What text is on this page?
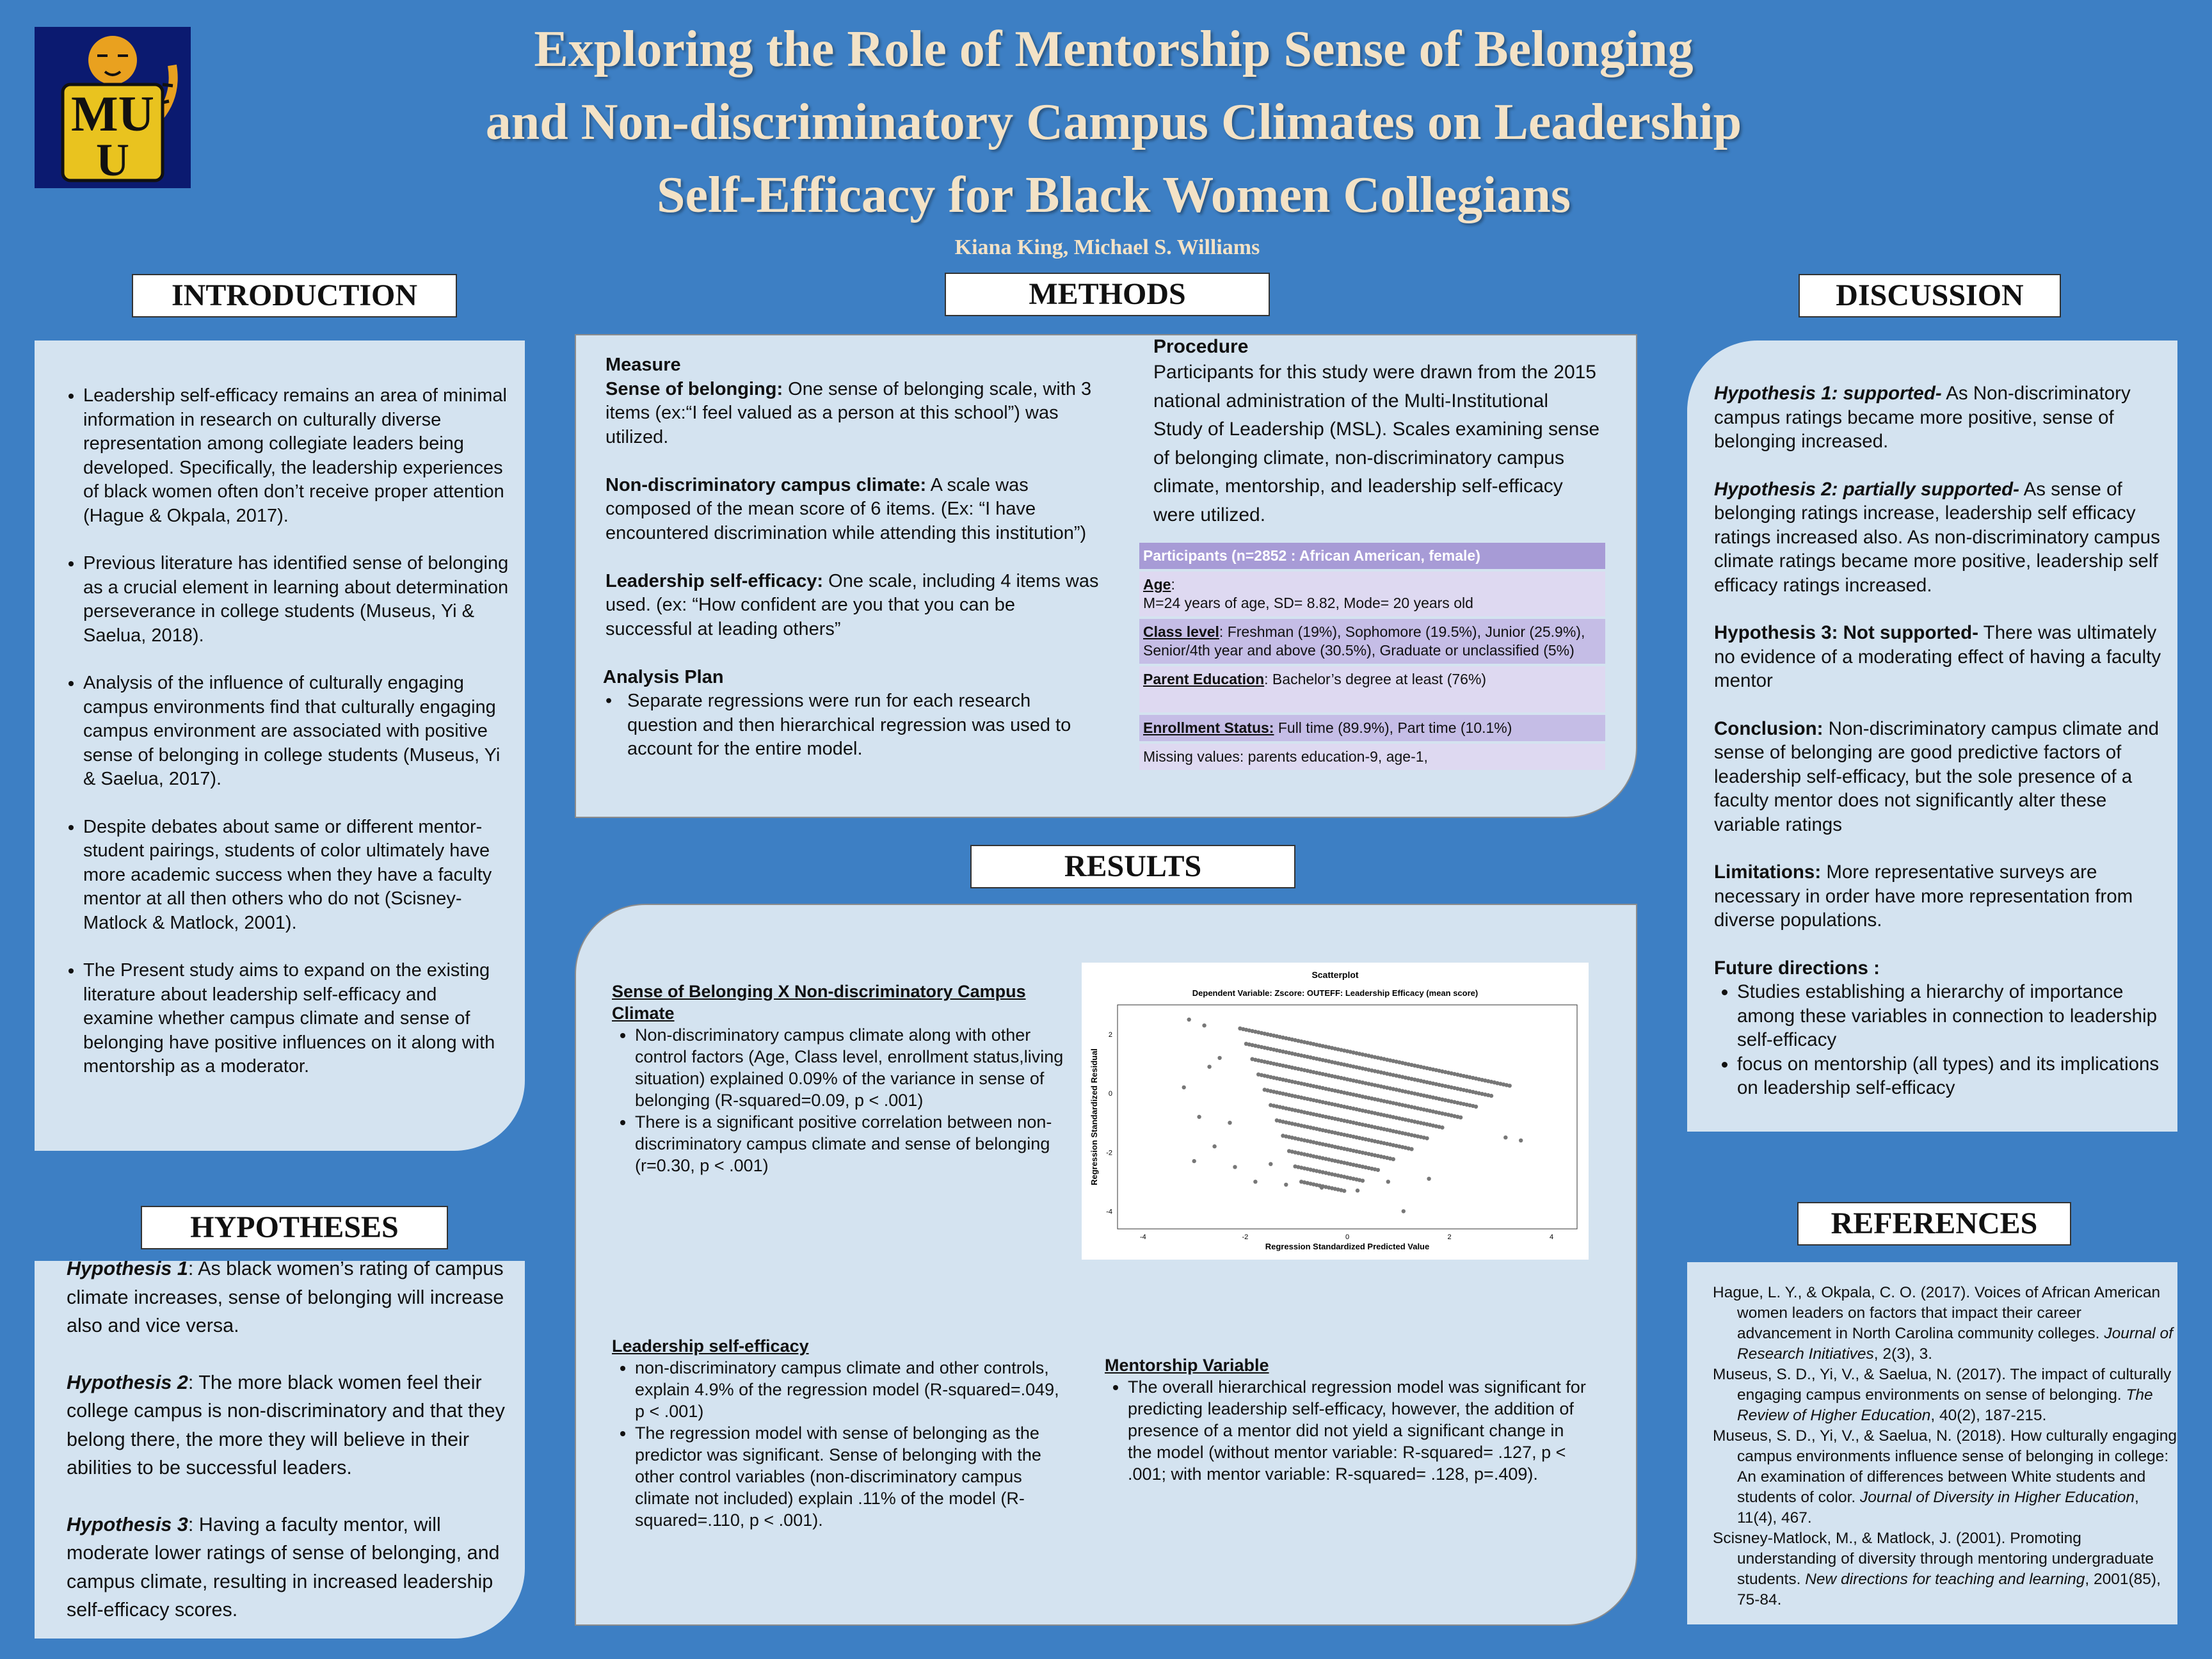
MU
U
Exploring the Role of Mentorship Sense of Belonging
and Non-discriminatory Campus Climates on Leadership
Self-Efficacy for Black Women Collegians
Kiana King, Michael S. Williams
INTRODUCTION	METHODS	DISCUSSION
HYPOTHESES
RESULTS
REFERENCES
• Leadership self-efficacy remains an area of minimal information in research on culturally diverse representation among collegiate leaders being developed. Specifically, the leadership experiences of black women often don’t receive proper attention (Hague & Okpala, 2017).
• Previous literature has identified sense of belonging as a crucial element in learning about determination perseverance in college students (Museus, Yi & Saelua, 2018).
• Analysis of the influence of culturally engaging campus environments find that culturally engaging campus environment are associated with positive sense of belonging in college students (Museus, Yi & Saelua, 2017).
• Despite debates about same or different mentor-student pairings, students of color ultimately have more academic success when they have a faculty mentor at all then others who do not (Scisney-Matlock & Matlock, 2001).
• The Present study aims to expand on the existing literature about leadership self-efficacy and examine whether campus climate and sense of belonging have positive influences on it along with mentorship as a moderator.

Hypothesis 1: As black women’s rating of campus climate increases, sense of belonging will increase also and vice versa.

Hypothesis 2: The more black women feel their college campus is non-discriminatory and that they belong there, the more they will believe in their abilities to be successful leaders.

Hypothesis 3: Having a faculty mentor, will moderate lower ratings of sense of belonging, and campus climate, resulting in increased leadership self-efficacy scores.

Measure

Sense of belonging: One sense of belonging scale, with 3 items (ex:“I feel valued as a person at this school”) was utilized.

Non-discriminatory campus climate: A scale was composed of the mean score of 6 items. (Ex: “I have encountered discrimination while attending this institution”)

Leadership self-efficacy: One scale, including 4 items was used. (ex: “How confident are you that you can be successful at leading others”

Analysis Plan

• Separate regressions were run for each research question and then hierarchical regression was used to account for the entire model.

Procedure

Participants for this study were drawn from the 2015 national administration of the Multi-Institutional Study of Leadership (MSL). Scales examining sense of belonging climate, non-discriminatory campus climate, mentorship, and leadership self-efficacy were utilized.

Participants (n=2852 : African American, female)
Age:
M=24 years of age, SD= 8.82, Mode= 20 years old
Class level: Freshman (19%), Sophomore (19.5%), Junior (25.9%), Senior/4th year and above (30.5%), Graduate or unclassified (5%)
Parent Education: Bachelor’s degree at least (76%)
Enrollment Status: Full time (89.9%), Part time (10.1%)
Missing values: parents education-9, age-1,

Sense of Belonging X Non-discriminatory Campus Climate

• Non-discriminatory campus climate along with other control factors (Age, Class level, enrollment status,living situation) explained 0.09% of the variance in sense of belonging (R-squared=0.09, p < .001)
• There is a significant positive correlation between non-discriminatory campus climate and sense of belonging (r=0.30, p < .001)

Leadership self-efficacy

• non-discriminatory campus climate and other controls, explain 4.9% of the regression model (R-squared=.049, p < .001)
• The regression model with sense of belonging as the predictor was significant. Sense of belonging with the other control variables (non-discriminatory campus climate not included) explain .11% of the model (R-squared=.110, p < .001).

Mentorship Variable

• The overall hierarchical regression model was significant for predicting leadership self-efficacy, however, the addition of presence of a mentor did not yield a significant change in the model (without mentor variable: R-squared= .127, p < .001; with mentor variable: R-squared= .128, p=.409).
Scatterplot
Dependent Variable: Zscore: OUTEFF: Leadership Efficacy (mean score)
-4	-2	0	2	4
2
0
-2
-4
Regression Standardized Predicted Value
Regression Standardized Residual

Hypothesis 1: supported- As Non-discriminatory campus ratings became more positive, sense of belonging increased.

Hypothesis 2: partially supported- As sense of belonging ratings increase, leadership self efficacy ratings increased also. As non-discriminatory campus climate ratings became more positive, leadership self efficacy ratings increased.

Hypothesis 3: Not supported- There was ultimately no evidence of a moderating effect of having a faculty mentor

Conclusion: Non-discriminatory campus climate and sense of belonging are good predictive factors of leadership self-efficacy, but the sole presence of a faculty mentor does not significantly alter these variable ratings

Limitations: More representative surveys are necessary in order have more representation from diverse populations.

Future directions :

• Studies establishing a hierarchy of importance among these variables in connection to leadership self-efficacy
• focus on mentorship (all types) and its implications on leadership self-efficacy

Hague, L. Y., & Okpala, C. O. (2017). Voices of African American women leaders on factors that impact their career advancement in North Carolina community colleges. Journal of Research Initiatives, 2(3), 3.

Museus, S. D., Yi, V., & Saelua, N. (2017). The impact of culturally engaging campus environments on sense of belonging. The Review of Higher Education, 40(2), 187-215.

Museus, S. D., Yi, V., & Saelua, N. (2018). How culturally engaging campus environments influence sense of belonging in college: An examination of differences between White students and students of color. Journal of Diversity in Higher Education, 11(4), 467.

Scisney-Matlock, M., & Matlock, J. (2001). Promoting understanding of diversity through mentoring undergraduate students. New directions for teaching and learning, 2001(85), 75-84.
